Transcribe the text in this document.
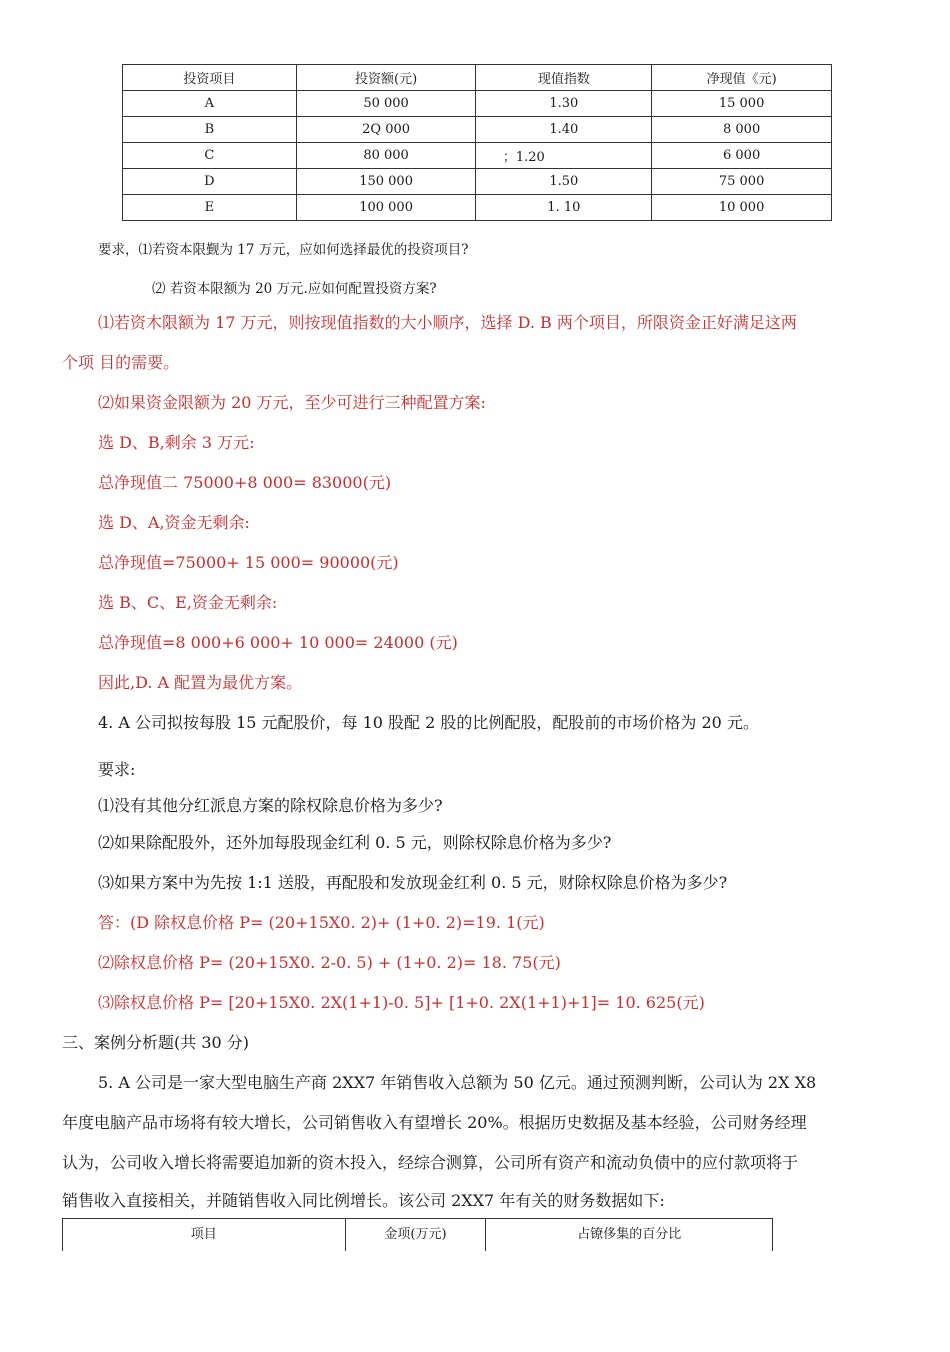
投资项目	投资额(元)	现值指数	净现值《元)
A	50 000	1.30	15 000
B	2Q 000	1.40	8 000
C	80 000	；1.20	6 000
D	150 000	1.50	75 000
E	100 000	1. 10	10 000
要求，⑴若资本限觐为 17 万元，应如何选择最优的投资项目?
⑵ 若资本限额为 20 万元.应如何配置投资方案?
⑴若资木限额为 17 万元，则按现值指数的大小顺序，选择 D. B 两个项目，所限资金正好满足这两
个项 目的需要。
⑵如果资金限额为 20 万元，至少可进行三种配置方案:
选 D、B,剩余 3 万元:
总净现值二 75000+8 000= 83000(元)
选 D、A,资金无剩余:
总净现值=75000+ 15 000= 90000(元)
选 B、C、E,资金无剩余:
总净现值=8 000+6 000+ 10 000= 24000 (元)
因此,D. A 配置为最优方案。
4. A 公司拟按每股 15 元配股价，每 10 股配 2 股的比例配股，配股前的市场价格为 20 元。
要求:
⑴没有其他分红派息方案的除权除息价格为多少?
⑵如果除配股外，还外加每股现金红利 0. 5 元，则除权除息价格为多少?
⑶如果方案中为先按 1:1 送股，再配股和发放现金红利 0. 5 元，财除权除息价格为多少?
答：(D 除权息价格 P= (20+15X0. 2)+ (1+0. 2)=19. 1(元)
⑵除权息价格 P= (20+15X0. 2-0. 5) + (1+0. 2)= 18. 75(元)
⑶除权息价格 P= [20+15X0. 2X(1+1)-0. 5]+ [1+0. 2X(1+1)+1]= 10. 625(元)
三、案例分析题(共 30 分)
5. A 公司是一家大型电脑生产商 2XX7 年销售收入总额为 50 亿元。通过预测判断，公司认为 2X X8
年度电脑产品市场将有较大增长，公司销售收入有望增长 20%。根据历史数据及基本经验，公司财务经理
认为，公司收入增长将需要追加新的资木投入，经综合测算，公司所有资产和流动负债中的应付款项将于
销售收入直接相关，并随销售收入同比例增长。该公司 2XX7 年有关的财务数据如下:
项目	金项(万元)	占镣侈集的百分比
